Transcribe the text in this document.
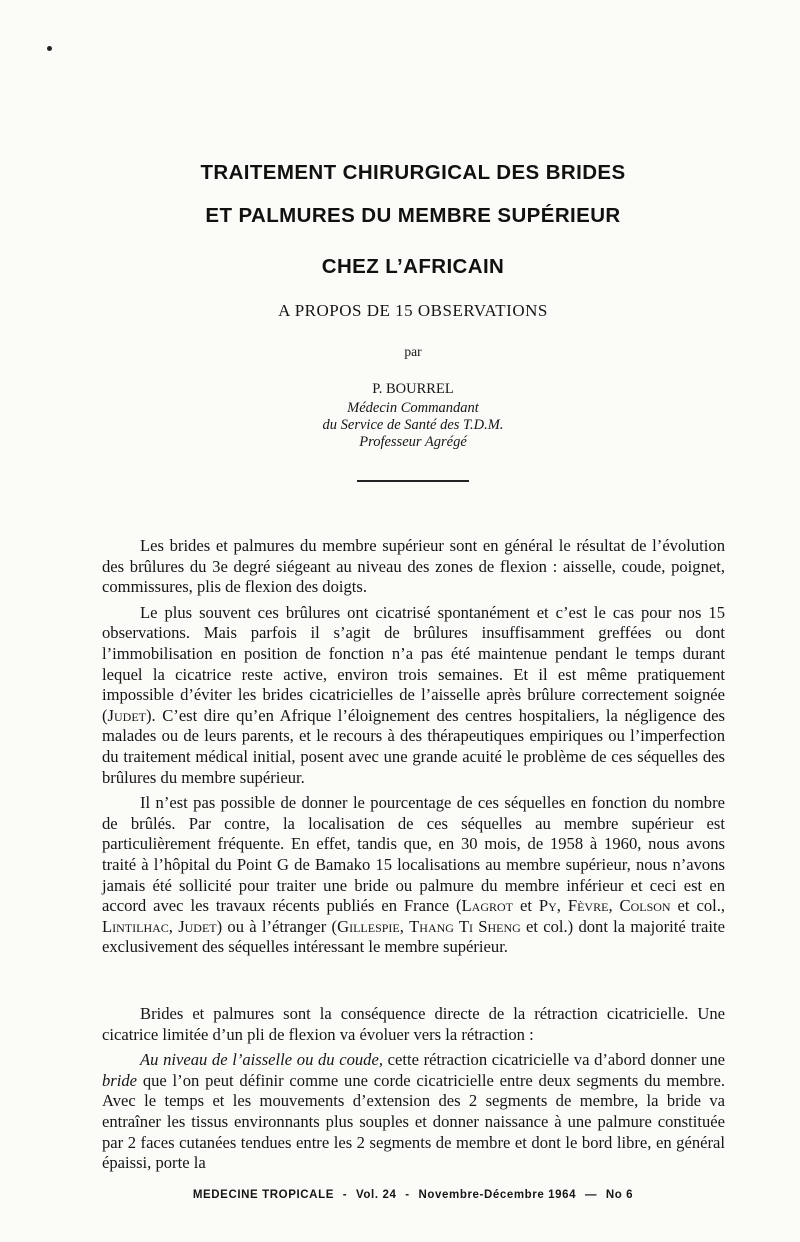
TRAITEMENT CHIRURGICAL DES BRIDES
ET PALMURES DU MEMBRE SUPÉRIEUR
CHEZ L’AFRICAIN
A PROPOS DE 15 OBSERVATIONS
par
P. BOURREL
Médecin Commandant
du Service de Santé des T.D.M.
Professeur Agrégé

Les brides et palmures du membre supérieur sont en général le résultat de l’évolution des brûlures du 3e degré siégeant au niveau des zones de flexion : aisselle, coude, poignet, commissures, plis de flexion des doigts.

Le plus souvent ces brûlures ont cicatrisé spontanément et c’est le cas pour nos 15 observations. Mais parfois il s’agit de brûlures insuffisamment greffées ou dont l’immobilisation en position de fonction n’a pas été maintenue pendant le temps durant lequel la cicatrice reste active, environ trois semaines. Et il est même pratiquement impossible d’éviter les brides cicatricielles de l’aisselle après brûlure correctement soignée (Judet). C’est dire qu’en Afrique l’éloignement des centres hospitaliers, la négligence des malades ou de leurs parents, et le recours à des thérapeutiques empiriques ou l’imperfection du traitement médical initial, posent avec une grande acuité le problème de ces séquelles des brûlures du membre supérieur.

Il n’est pas possible de donner le pourcentage de ces séquelles en fonction du nombre de brûlés. Par contre, la localisation de ces séquelles au membre supérieur est particulièrement fréquente. En effet, tandis que, en 30 mois, de 1958 à 1960, nous avons traité à l’hôpital du Point G de Bamako 15 localisations au membre supérieur, nous n’avons jamais été sollicité pour traiter une bride ou palmure du membre inférieur et ceci est en accord avec les travaux récents publiés en France (Lagrot et Py, Fèvre, Colson et col., Lintilhac, Judet) ou à l’étranger (Gillespie, Thang Ti Sheng et col.) dont la majorité traite exclusivement des séquelles intéressant le membre supérieur.

Brides et palmures sont la conséquence directe de la rétraction cicatricielle. Une cicatrice limitée d’un pli de flexion va évoluer vers la rétraction :

Au niveau de l’aisselle ou du coude, cette rétraction cicatricielle va d’abord donner une bride que l’on peut définir comme une corde cicatricielle entre deux segments du membre. Avec le temps et les mouvements d’extension des 2 segments de membre, la bride va entraîner les tissus environnants plus souples et donner naissance à une palmure constituée par 2 faces cutanées tendues entre les 2 segments de membre et dont le bord libre, en général épaissi, porte la

MEDECINE TROPICALE - Vol. 24 - Novembre-Décembre 1964 — No 6
